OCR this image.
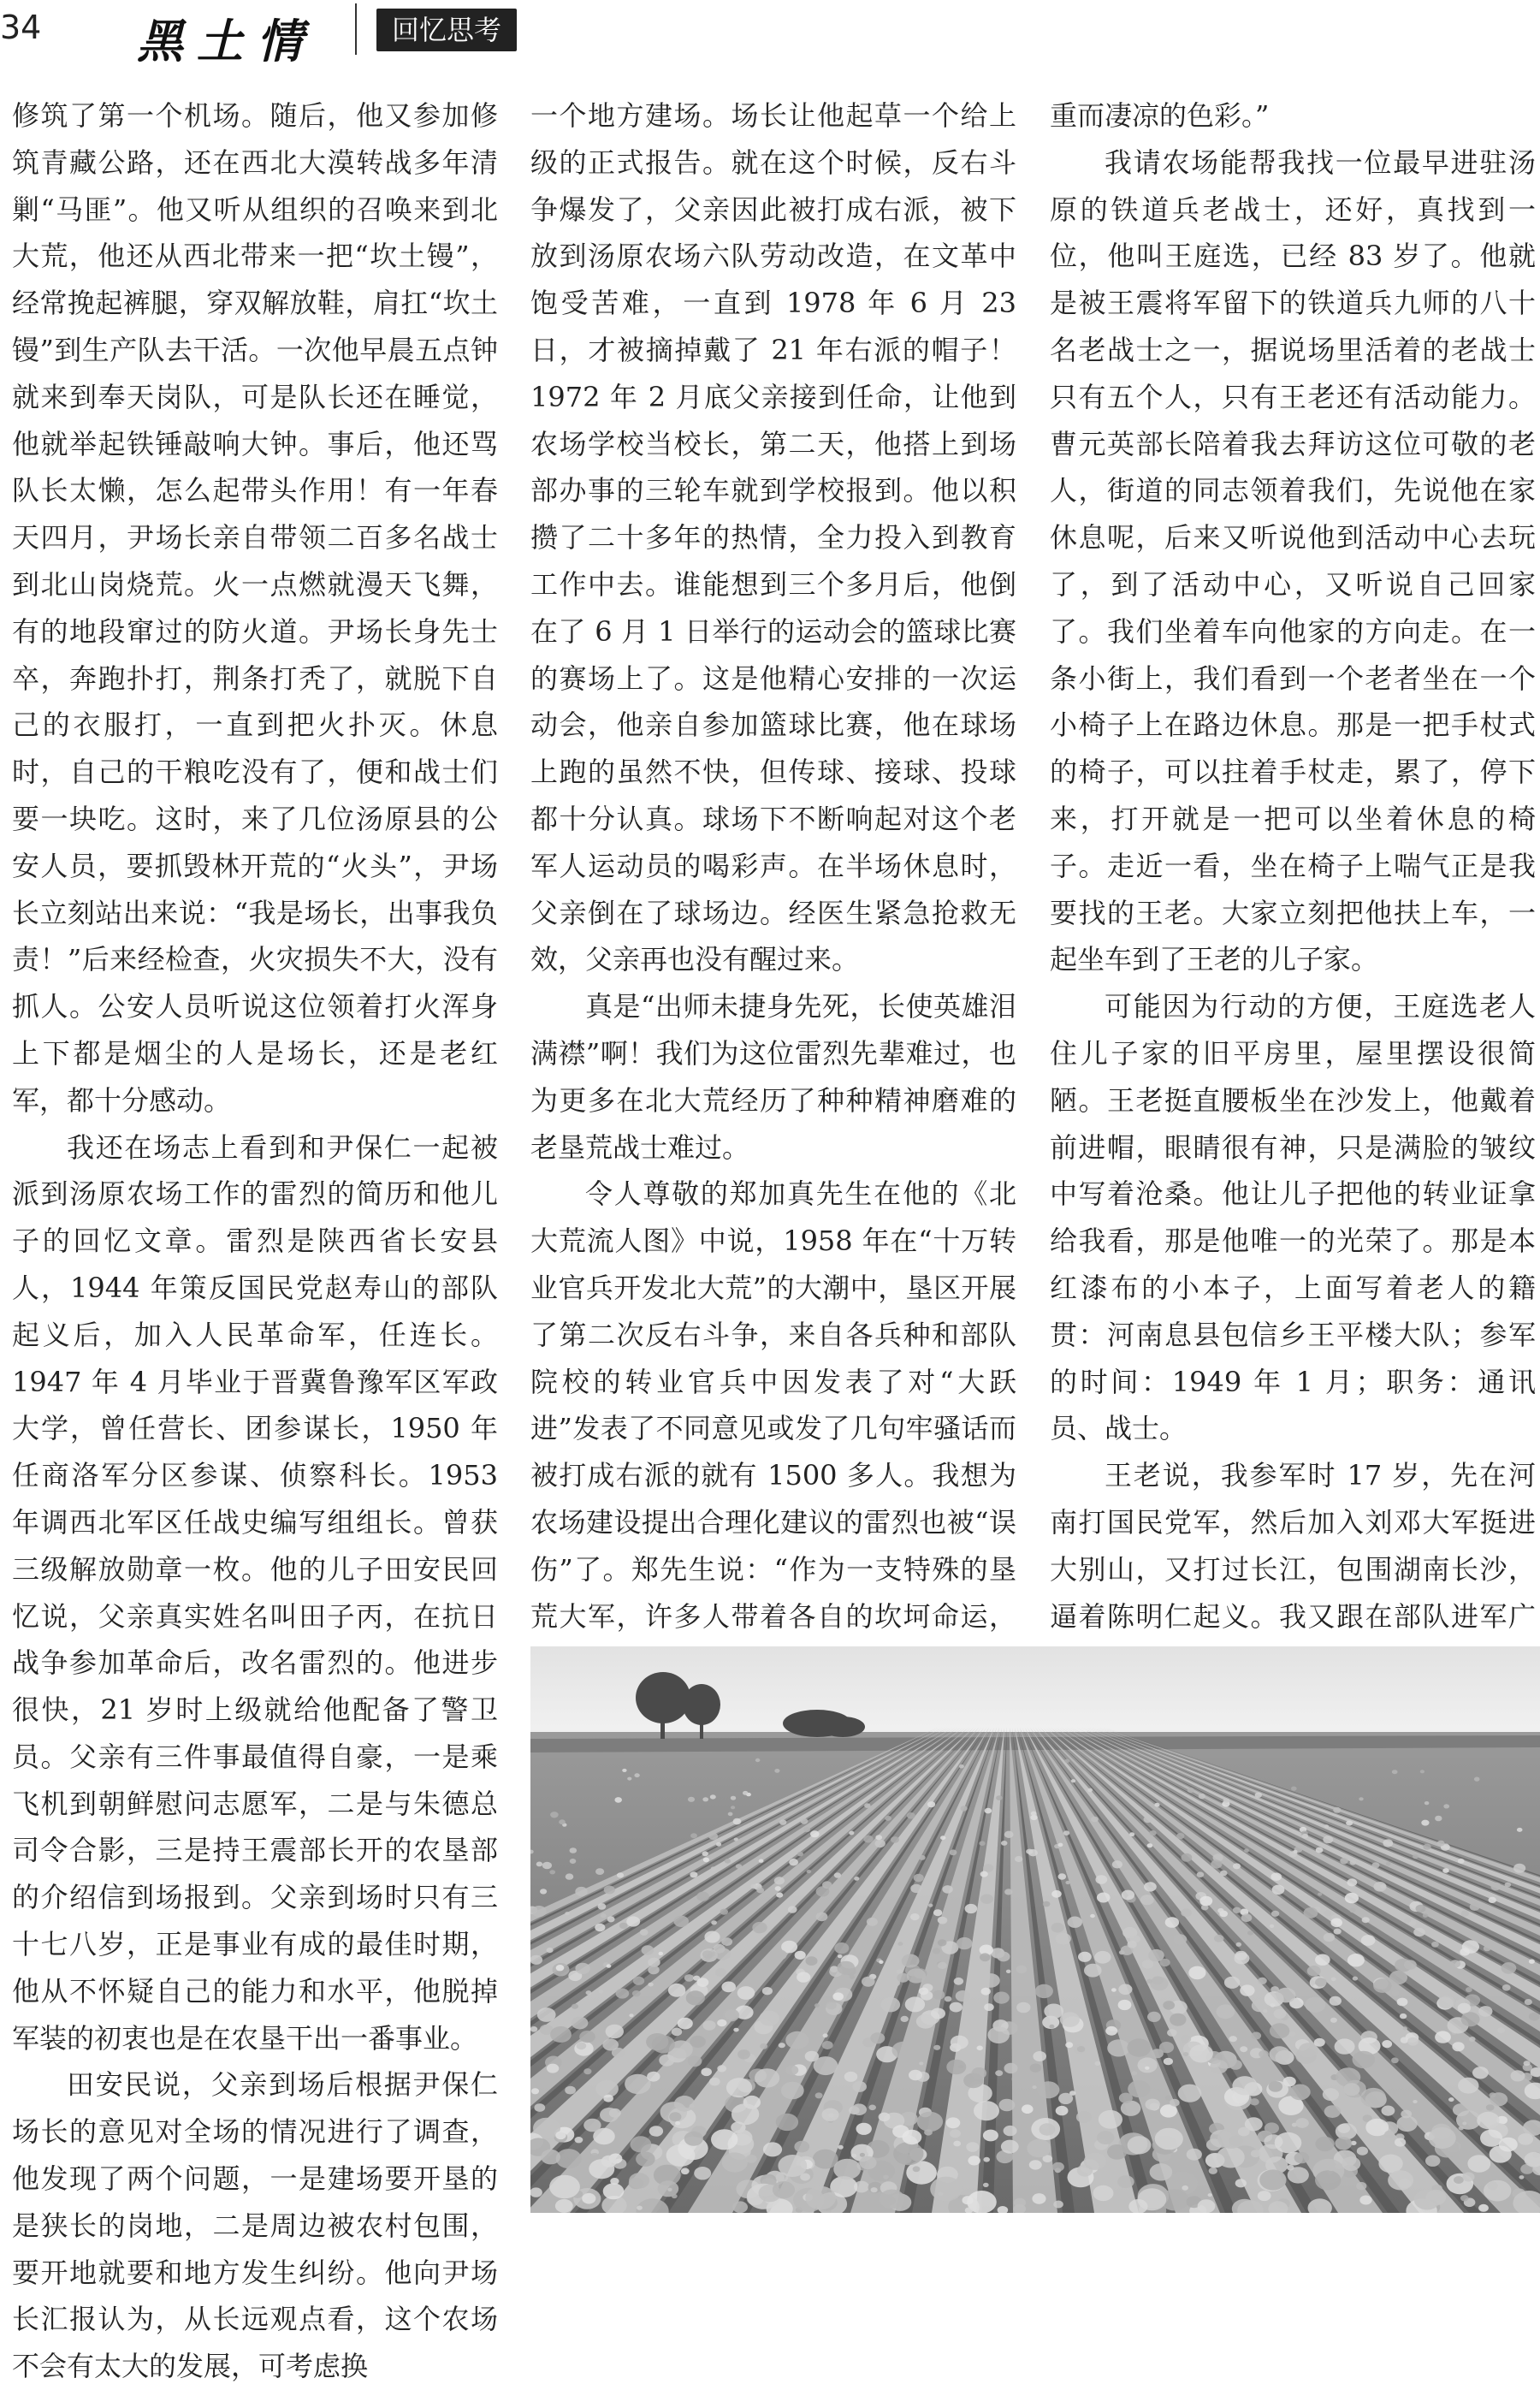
34 黑土情	回忆思考

修筑了第一个机场。随后，他又参加修筑青藏公路，还在西北大漠转战多年清剿“马匪”。他又听从组织的召唤来到北大荒，他还从西北带来一把“坎土镘”，经常挽起裤腿，穿双解放鞋，肩扛“坎土镘”到生产队去干活。一次他早晨五点钟就来到奉天岗队，可是队长还在睡觉，他就举起铁锤敲响大钟。事后，他还骂队长太懒，怎么起带头作用！有一年春天四月，尹场长亲自带领二百多名战士到北山岗烧荒。火一点燃就漫天飞舞，有的地段窜过的防火道。尹场长身先士卒，奔跑扑打，荆条打秃了，就脱下自己的衣服打，一直到把火扑灭。休息时，自己的干粮吃没有了，便和战士们要一块吃。这时，来了几位汤原县的公安人员，要抓毁林开荒的“火头”，尹场长立刻站出来说：“我是场长，出事我负责！”后来经检查，火灾损失不大，没有抓人。公安人员听说这位领着打火浑身上下都是烟尘的人是场长，还是老红军，都十分感动。

我还在场志上看到和尹保仁一起被派到汤原农场工作的雷烈的简历和他儿子的回忆文章。雷烈是陕西省长安县人，1944 年策反国民党赵寿山的部队起义后，加入人民革命军，任连长。1947 年 4 月毕业于晋冀鲁豫军区军政大学，曾任营长、团参谋长，1950 年任商洛军分区参谋、侦察科长。1953 年调西北军区任战史编写组组长。曾获三级解放勋章一枚。他的儿子田安民回忆说，父亲真实姓名叫田子丙，在抗日战争参加革命后，改名雷烈的。他进步很快，21 岁时上级就给他配备了警卫员。父亲有三件事最值得自豪，一是乘飞机到朝鲜慰问志愿军，二是与朱德总司令合影，三是持王震部长开的农垦部的介绍信到场报到。父亲到场时只有三十七八岁，正是事业有成的最佳时期，他从不怀疑自己的能力和水平，他脱掉军装的初衷也是在农垦干出一番事业。

田安民说，父亲到场后根据尹保仁场长的意见对全场的情况进行了调查，他发现了两个问题，一是建场要开垦的是狭长的岗地，二是周边被农村包围，要开地就要和地方发生纠纷。他向尹场长汇报认为，从长远观点看，这个农场不会有太大的发展，可考虑换

一个地方建场。场长让他起草一个给上级的正式报告。就在这个时候，反右斗争爆发了，父亲因此被打成右派，被下放到汤原农场六队劳动改造，在文革中饱受苦难，一直到 1978 年 6 月 23 日，才被摘掉戴了 21 年右派的帽子！1972 年 2 月底父亲接到任命，让他到农场学校当校长，第二天，他搭上到场部办事的三轮车就到学校报到。他以积攒了二十多年的热情，全力投入到教育工作中去。谁能想到三个多月后，他倒在了 6 月 1 日举行的运动会的篮球比赛的赛场上了。这是他精心安排的一次运动会，他亲自参加篮球比赛，他在球场上跑的虽然不快，但传球、接球、投球都十分认真。球场下不断响起对这个老军人运动员的喝彩声。在半场休息时，父亲倒在了球场边。经医生紧急抢救无效，父亲再也没有醒过来。

真是“出师未捷身先死，长使英雄泪满襟”啊！我们为这位雷烈先辈难过，也为更多在北大荒经历了种种精神磨难的老垦荒战士难过。

令人尊敬的郑加真先生在他的《北大荒流人图》中说，1958 年在“十万转业官兵开发北大荒”的大潮中，垦区开展了第二次反右斗争，来自各兵种和部队院校的转业官兵中因发表了对“大跃进”发表了不同意见或发了几句牢骚话而被打成右派的就有 1500 多人。我想为农场建设提出合理化建议的雷烈也被“误伤”了。郑先生说：“作为一支特殊的垦荒大军，许多人带着各自的坎坷命运，

重而凄凉的色彩。”

我请农场能帮我找一位最早进驻汤原的铁道兵老战士，还好，真找到一位，他叫王庭选，已经 83 岁了。他就是被王震将军留下的铁道兵九师的八十名老战士之一，据说场里活着的老战士只有五个人，只有王老还有活动能力。曹元英部长陪着我去拜访这位可敬的老人，街道的同志领着我们，先说他在家休息呢，后来又听说他到活动中心去玩了，到了活动中心，又听说自己回家了。我们坐着车向他家的方向走。在一条小街上，我们看到一个老者坐在一个小椅子上在路边休息。那是一把手杖式的椅子，可以拄着手杖走，累了，停下来，打开就是一把可以坐着休息的椅子。走近一看，坐在椅子上喘气正是我要找的王老。大家立刻把他扶上车，一起坐车到了王老的儿子家。

可能因为行动的方便，王庭选老人住儿子家的旧平房里，屋里摆设很简陋。王老挺直腰板坐在沙发上，他戴着前进帽，眼睛很有神，只是满脸的皱纹中写着沧桑。他让儿子把他的转业证拿给我看，那是他唯一的光荣了。那是本红漆布的小本子，上面写着老人的籍贯：河南息县包信乡王平楼大队；参军的时间：1949 年 1 月；职务：通讯员、战士。

王老说，我参军时 17 岁，先在河南打国民党军，然后加入刘邓大军挺进大别山，又打过长江，包围湖南长沙，逼着陈明仁起义。我又跟在部队进军广
